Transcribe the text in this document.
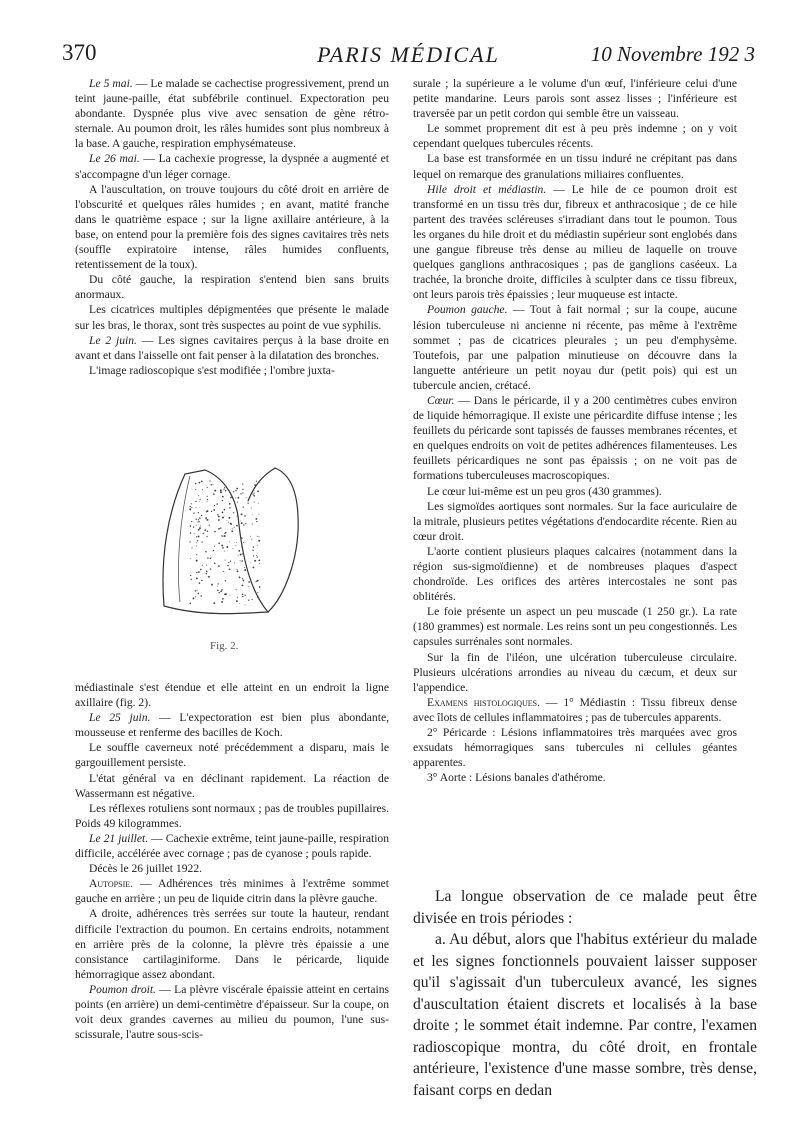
370	PARIS MÉDICAL	10 Novembre 192 3

Le 5 mai. — Le malade se cachectise progressivement, prend un teint jaune-paille, état subfébrile continuel. Expectoration peu abondante. Dyspnée plus vive avec sensation de gène rétro-sternale. Au poumon droit, les râles humides sont plus nombreux à la base. A gauche, respiration emphysémateuse.

Le 26 mai. — La cachexie progresse, la dyspnée a augmenté et s'accompagne d'un léger cornage.

A l'auscultation, on trouve toujours du côté droit en arrière de l'obscurité et quelques râles humides ; en avant, matité franche dans le quatrième espace ; sur la ligne axillaire antérieure, à la base, on entend pour la première fois des signes cavitaires très nets (souffle expiratoire intense, râles humides confluents, retentissement de la toux).

Du côté gauche, la respiration s'entend bien sans bruits anormaux.

Les cicatrices multiples dépigmentées que présente le malade sur les bras, le thorax, sont très suspectes au point de vue syphilis.

Le 2 juin. — Les signes cavitaires perçus à la base droite en avant et dans l'aisselle ont fait penser à la dilatation des bronches.

L'image radioscopique s'est modifiée ; l'ombre juxta-

Fig. 2.

médiastinale s'est étendue et elle atteint en un endroit la ligne axillaire (fig. 2).

Le 25 juin. — L'expectoration est bien plus abondante, mousseuse et renferme des bacilles de Koch.

Le souffle caverneux noté précédemment a disparu, mais le gargouillement persiste.

L'état général va en déclinant rapidement. La réaction de Wassermann est négative.

Les réflexes rotuliens sont normaux ; pas de troubles pupillaires. Poids 49 kilogrammes.

Le 21 juillet. — Cachexie extrême, teint jaune-paille, respiration difficile, accélérée avec cornage ; pas de cyanose ; pouls rapide.

Décès le 26 juillet 1922.

Autopsie. — Adhérences très minimes à l'extrême sommet gauche en arrière ; un peu de liquide citrin dans la plèvre gauche.

A droite, adhérences très serrées sur toute la hauteur, rendant difficile l'extraction du poumon. En certains endroits, notamment en arrière près de la colonne, la plèvre très épaissie a une consistance cartilaginiforme. Dans le péricarde, liquide hémorragique assez abondant.

Poumon droit. — La plèvre viscérale épaissie atteint en certains points (en arrière) un demi-centimètre d'épaisseur. Sur la coupe, on voit deux grandes cavernes au milieu du poumon, l'une sus-scissurale, l'autre sous-scis-

surale ; la supérieure a le volume d'un œuf, l'inférieure celui d'une petite mandarine. Leurs parois sont assez lisses ; l'inférieure est traversée par un petit cordon qui semble être un vaisseau.

Le sommet proprement dit est à peu près indemne ; on y voit cependant quelques tubercules récents.

La base est transformée en un tissu induré ne crépitant pas dans lequel on remarque des granulations miliaires confluentes.

Hile droit et médiastin. — Le hile de ce poumon droit est transformé en un tissu très dur, fibreux et anthracosique ; de ce hile partent des travées scléreuses s'irradiant dans tout le poumon. Tous les organes du hile droit et du médiastin supérieur sont englobés dans une gangue fibreuse très dense au milieu de laquelle on trouve quelques ganglions anthracosiques ; pas de ganglions caséeux. La trachée, la bronche droite, difficiles à sculpter dans ce tissu fibreux, ont leurs parois très épaissies ; leur muqueuse est intacte.

Poumon gauche. — Tout à fait normal ; sur la coupe, aucune lésion tuberculeuse ni ancienne ni récente, pas même à l'extrême sommet ; pas de cicatrices pleurales ; un peu d'emphysème. Toutefois, par une palpation minutieuse on découvre dans la languette antérieure un petit noyau dur (petit pois) qui est un tubercule ancien, crétacé.

Cœur. — Dans le péricarde, il y a 200 centimètres cubes environ de liquide hémorragique. Il existe une péricardite diffuse intense ; les feuillets du péricarde sont tapissés de fausses membranes récentes, et en quelques endroits on voit de petites adhérences filamenteuses. Les feuillets péricardiques ne sont pas épaissis ; on ne voit pas de formations tuberculeuses macroscopiques.

Le cœur lui-même est un peu gros (430 grammes).

Les sigmoïdes aortiques sont normales. Sur la face auriculaire de la mitrale, plusieurs petites végétations d'endocardite récente. Rien au cœur droit.

L'aorte contient plusieurs plaques calcaires (notamment dans la région sus-sigmoïdienne) et de nombreuses plaques d'aspect chondroïde. Les orifices des artères intercostales ne sont pas oblitérés.

Le foie présente un aspect un peu muscade (1 250 gr.). La rate (180 grammes) est normale. Les reins sont un peu congestionnés. Les capsules surrénales sont normales.

Sur la fin de l'iléon, une ulcération tuberculeuse circulaire. Plusieurs ulcérations arrondies au niveau du cæcum, et deux sur l'appendice.

Examens histologiques. — 1° Médiastin : Tissu fibreux dense avec îlots de cellules inflammatoires ; pas de tubercules apparents.

2° Péricarde : Lésions inflammatoires très marquées avec gros exsudats hémorragiques sans tubercules ni cellules géantes apparentes.

3° Aorte : Lésions banales d'athérome.

La longue observation de ce malade peut être divisée en trois périodes :

a. Au début, alors que l'habitus extérieur du malade et les signes fonctionnels pouvaient laisser supposer qu'il s'agissait d'un tuberculeux avancé, les signes d'auscultation étaient discrets et localisés à la base droite ; le sommet était indemne. Par contre, l'examen radioscopique montra, du côté droit, en frontale antérieure, l'existence d'une masse sombre, très dense, faisant corps en dedan
